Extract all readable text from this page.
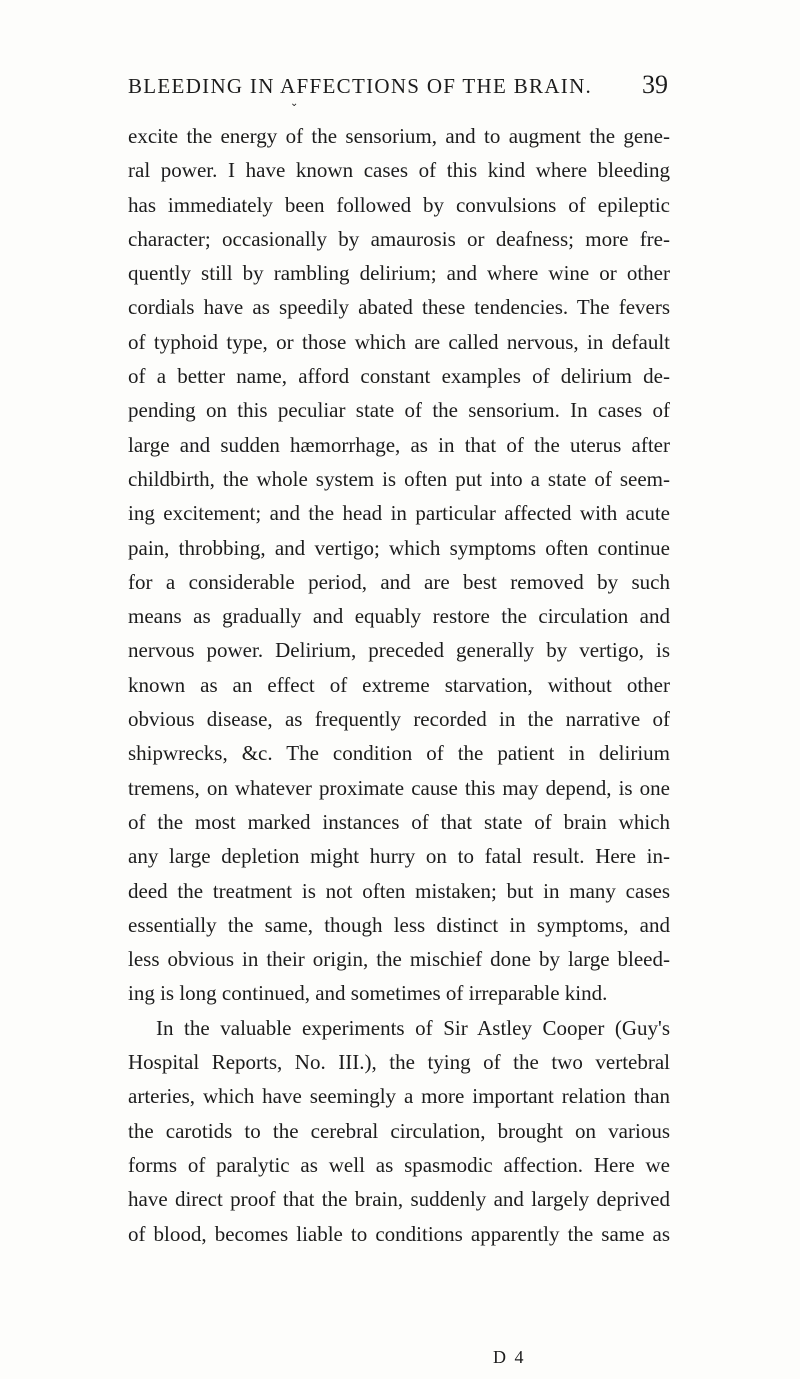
BLEEDING IN AFFECTIONS OF THE BRAIN.
⌄
39
excite the energy of the sensorium, and to augment the gene-
ral power. I have known cases of this kind where bleeding
has immediately been followed by convulsions of epileptic
character; occasionally by amaurosis or deafness; more fre-
quently still by rambling delirium; and where wine or other
cordials have as speedily abated these tendencies. The fevers
of typhoid type, or those which are called nervous, in default
of a better name, afford constant examples of delirium de-
pending on this peculiar state of the sensorium. In cases of
large and sudden hæmorrhage, as in that of the uterus after
childbirth, the whole system is often put into a state of seem-
ing excitement; and the head in particular affected with acute
pain, throbbing, and vertigo; which symptoms often continue
for a considerable period, and are best removed by such
means as gradually and equably restore the circulation and
nervous power. Delirium, preceded generally by vertigo, is
known as an effect of extreme starvation, without other
obvious disease, as frequently recorded in the narrative of
shipwrecks, &c. The condition of the patient in delirium
tremens, on whatever proximate cause this may depend, is one
of the most marked instances of that state of brain which
any large depletion might hurry on to fatal result. Here in-
deed the treatment is not often mistaken; but in many cases
essentially the same, though less distinct in symptoms, and
less obvious in their origin, the mischief done by large bleed-
ing is long continued, and sometimes of irreparable kind.
In the valuable experiments of Sir Astley Cooper (Guy's
Hospital Reports, No. III.), the tying of the two vertebral
arteries, which have seemingly a more important relation than
the carotids to the cerebral circulation, brought on various
forms of paralytic as well as spasmodic affection. Here we
have direct proof that the brain, suddenly and largely deprived
of blood, becomes liable to conditions apparently the same as
D 4
